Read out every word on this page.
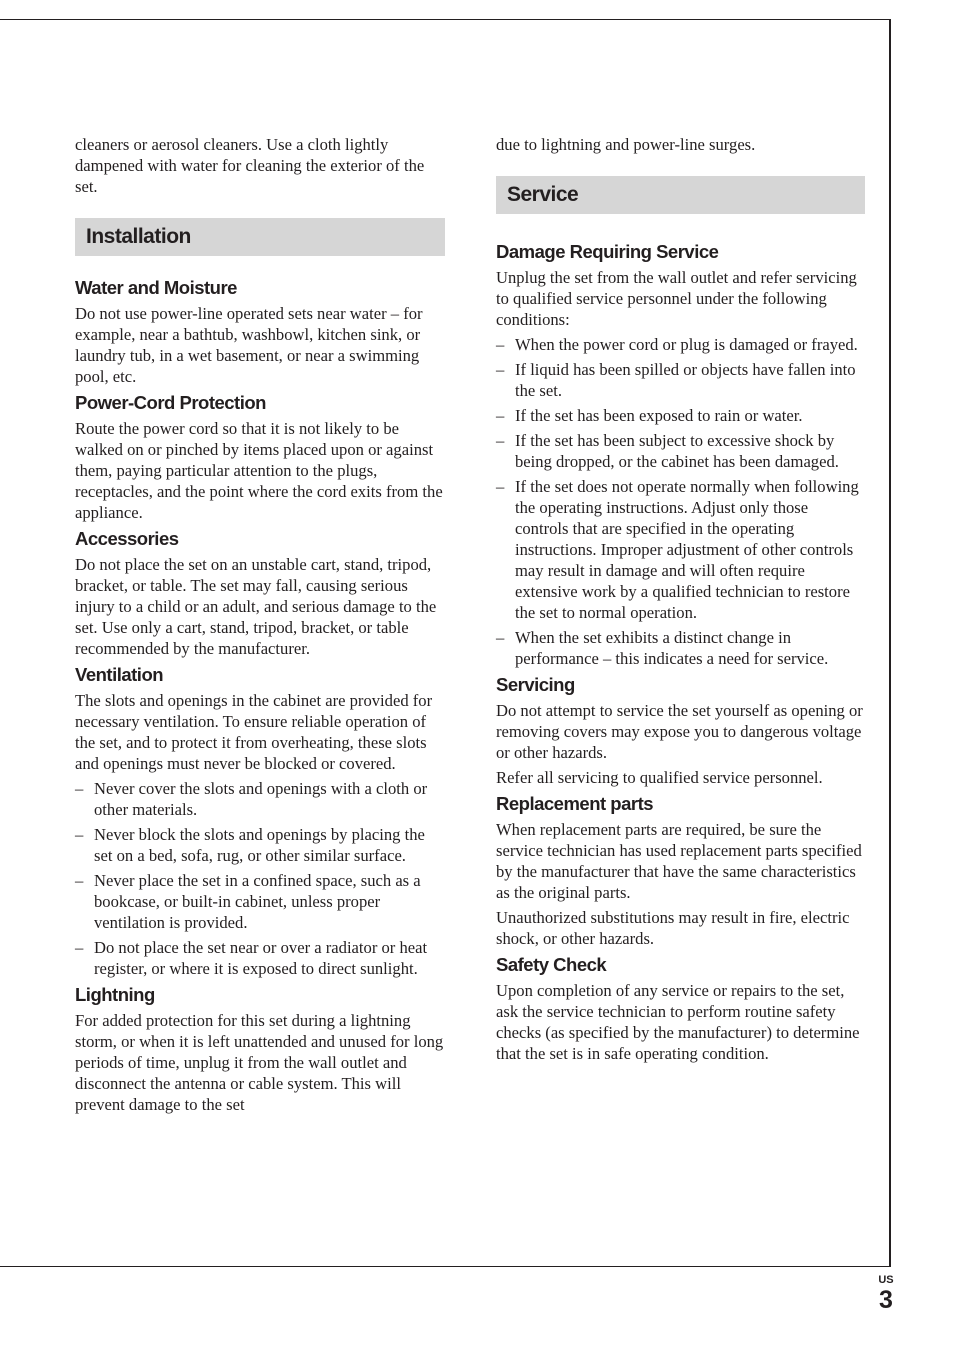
cleaners or aerosol cleaners. Use a cloth lightly dampened with water for cleaning the exterior of the set.

Installation
Water and Moisture

Do not use power-line operated sets near water – for example, near a bathtub, washbowl, kitchen sink, or laundry tub, in a wet basement, or near a swimming pool, etc.

Power-Cord Protection

Route the power cord so that it is not likely to be walked on or pinched by items placed upon or against them, paying particular attention to the plugs, receptacles, and the point where the cord exits from the appliance.

Accessories

Do not place the set on an unstable cart, stand, tripod, bracket, or table. The set may fall, causing serious injury to a child or an adult, and serious damage to the set. Use only a cart, stand, tripod, bracket, or table recommended by the manufacturer.

Ventilation

The slots and openings in the cabinet are provided for necessary ventilation. To ensure reliable operation of the set, and to protect it from overheating, these slots and openings must never be blocked or covered.

– Never cover the slots and openings with a cloth or other materials.
– Never block the slots and openings by placing the set on a bed, sofa, rug, or other similar surface.
– Never place the set in a confined space, such as a bookcase, or built-in cabinet, unless proper ventilation is provided.
– Do not place the set near or over a radiator or heat register, or where it is exposed to direct sunlight.
Lightning

For added protection for this set during a lightning storm, or when it is left unattended and unused for long periods of time, unplug it from the wall outlet and disconnect the antenna or cable system. This will prevent damage to the set

due to lightning and power-line surges.

Service
Damage Requiring Service

Unplug the set from the wall outlet and refer servicing to qualified service personnel under the following conditions:

– When the power cord or plug is damaged or frayed.
– If liquid has been spilled or objects have fallen into the set.
– If the set has been exposed to rain or water.
– If the set has been subject to excessive shock by being dropped, or the cabinet has been damaged.
– If the set does not operate normally when following the operating instructions. Adjust only those controls that are specified in the operating instructions. Improper adjustment of other controls may result in damage and will often require extensive work by a qualified technician to restore the set to normal operation.
– When the set exhibits a distinct change in performance – this indicates a need for service.
Servicing

Do not attempt to service the set yourself as opening or removing covers may expose you to dangerous voltage or other hazards.

Refer all servicing to qualified service personnel.

Replacement parts

When replacement parts are required, be sure the service technician has used replacement parts specified by the manufacturer that have the same characteristics as the original parts.

Unauthorized substitutions may result in fire, electric shock, or other hazards.

Safety Check

Upon completion of any service or repairs to the set, ask the service technician to perform routine safety checks (as specified by the manufacturer) to determine that the set is in safe operating condition.

US
3
